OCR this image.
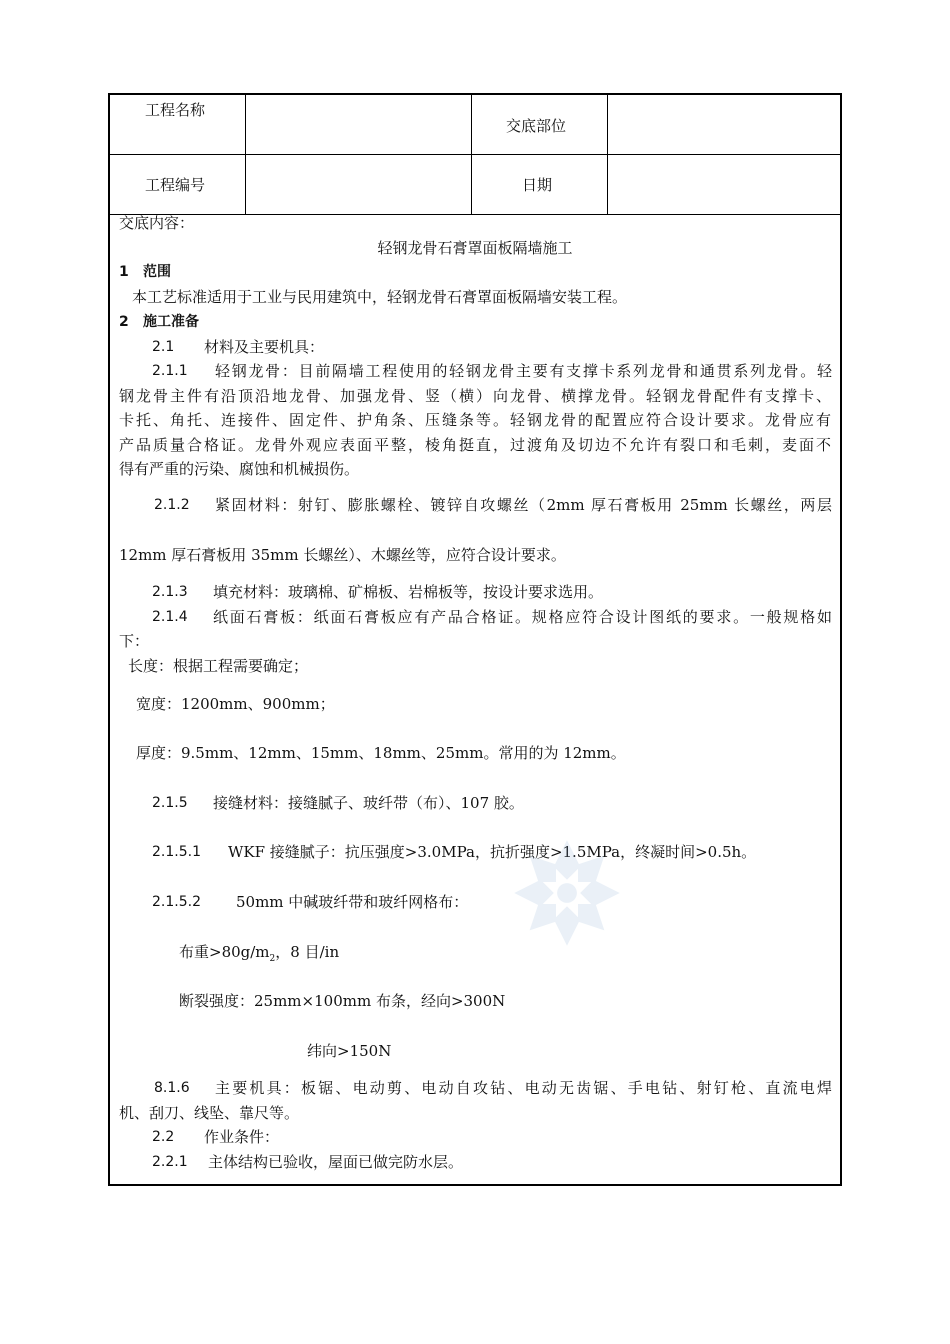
工程名称
交底部位
工程编号	日期
交底内容：
轻钢龙骨石膏罩面板隔墙施工
1 范围
本工艺标准适用于工业与民用建筑中，轻钢龙骨石膏罩面板隔墙安装工程。
2 施工准备
2.1 材料及主要机具：
2.1.1 轻钢龙骨：目前隔墙工程使用的轻钢龙骨主要有支撑卡系列龙骨和通贯系列龙骨。轻
钢龙骨主件有沿顶沿地龙骨、加强龙骨、竖（横）向龙骨、横撑龙骨。轻钢龙骨配件有支撑卡、
卡托、角托、连接件、固定件、护角条、压缝条等。轻钢龙骨的配置应符合设计要求。龙骨应有
产品质量合格证。龙骨外观应表面平整，棱角挺直，过渡角及切边不允许有裂口和毛刺，麦面不
得有严重的污染、腐蚀和机械损伤。
2.1.2 紧固材料：射钉、膨胀螺栓、镀锌自攻螺丝（2mm 厚石膏板用 25mm 长螺丝，两层
12mm 厚石膏板用 35mm 长螺丝）、木螺丝等，应符合设计要求。
2.1.3 填充材料：玻璃棉、矿棉板、岩棉板等，按设计要求选用。
2.1.4 纸面石膏板：纸面石膏板应有产品合格证。规格应符合设计图纸的要求。一般规格如
下：
长度：根据工程需要确定；
宽度：1200mm、900mm；
厚度：9.5mm、12mm、15mm、18mm、25mm。常用的为 12mm。
2.1.5 接缝材料：接缝腻子、玻纤带（布）、107 胶。
2.1.5.1 WKF 接缝腻子：抗压强度>3.0MPa，抗折强度>1.5MPa，终凝时间>0.5h。
2.1.5.2 50mm 中碱玻纤带和玻纤网格布：
布重$>80g/m_2$，8 目/in
断裂强度：25mm×100mm 布条，经向>300N
纬向>150N
8.1.6 主要机具：板锯、电动剪、电动自攻钻、电动无齿锯、手电钻、射钉枪、直流电焊
机、刮刀、线坠、靠尺等。
2.2 作业条件：
2.2.1 主体结构已验收，屋面已做完防水层。
